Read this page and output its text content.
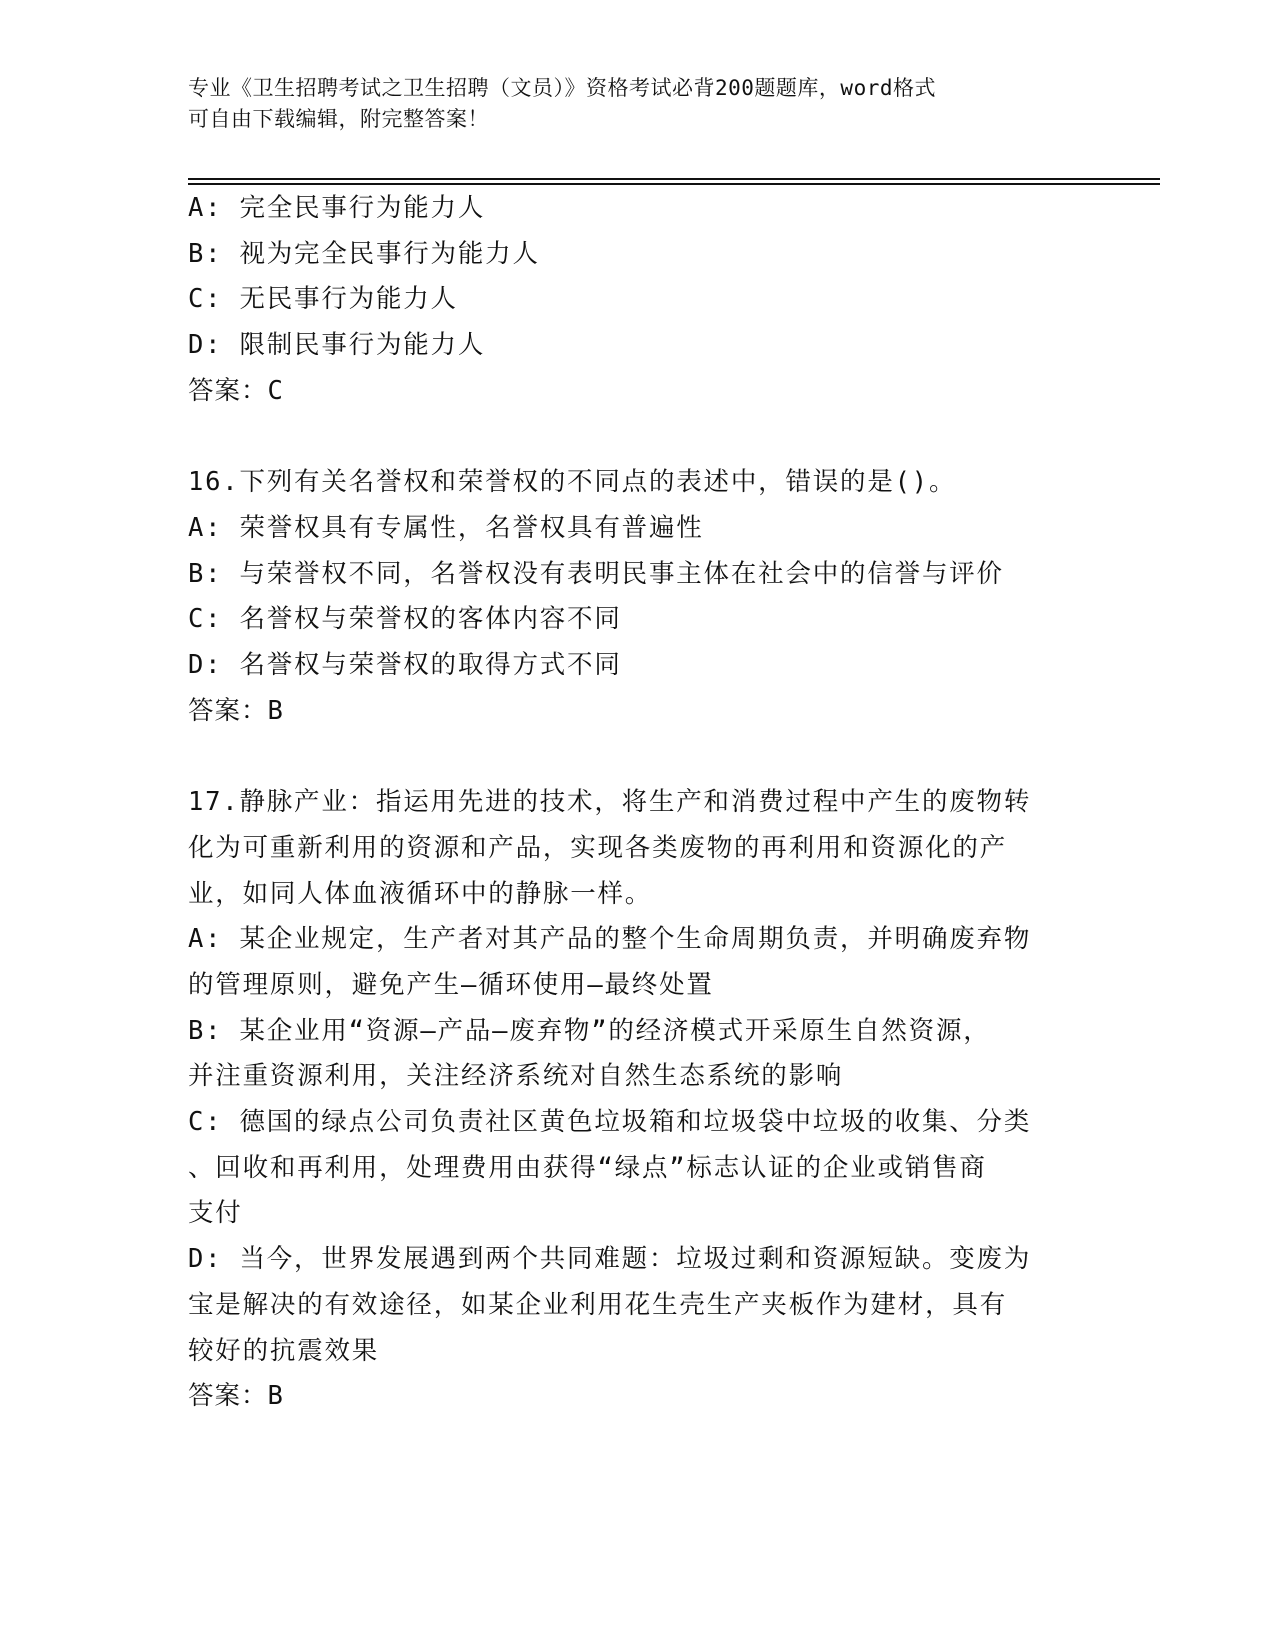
专业《卫生招聘考试之卫生招聘（文员）》资格考试必背200题题库，word格式

可自由下载编辑，附完整答案！

A: 完全民事行为能力人

B: 视为完全民事行为能力人

C: 无民事行为能力人

D: 限制民事行为能力人

答案：C

16.下列有关名誉权和荣誉权的不同点的表述中，错误的是()。

A: 荣誉权具有专属性，名誉权具有普遍性

B: 与荣誉权不同，名誉权没有表明民事主体在社会中的信誉与评价

C: 名誉权与荣誉权的客体内容不同

D: 名誉权与荣誉权的取得方式不同

答案：B

17.静脉产业：指运用先进的技术，将生产和消费过程中产生的废物转

化为可重新利用的资源和产品，实现各类废物的再利用和资源化的产

业，如同人体血液循环中的静脉一样。

A: 某企业规定，生产者对其产品的整个生命周期负责，并明确废弃物

的管理原则，避免产生—循环使用—最终处置

B: 某企业用“资源—产品—废弃物”的经济模式开采原生自然资源，

并注重资源利用，关注经济系统对自然生态系统的影响

C: 德国的绿点公司负责社区黄色垃圾箱和垃圾袋中垃圾的收集、分类

、回收和再利用，处理费用由获得“绿点”标志认证的企业或销售商

支付

D: 当今，世界发展遇到两个共同难题：垃圾过剩和资源短缺。变废为

宝是解决的有效途径，如某企业利用花生壳生产夹板作为建材，具有

较好的抗震效果

答案：B
